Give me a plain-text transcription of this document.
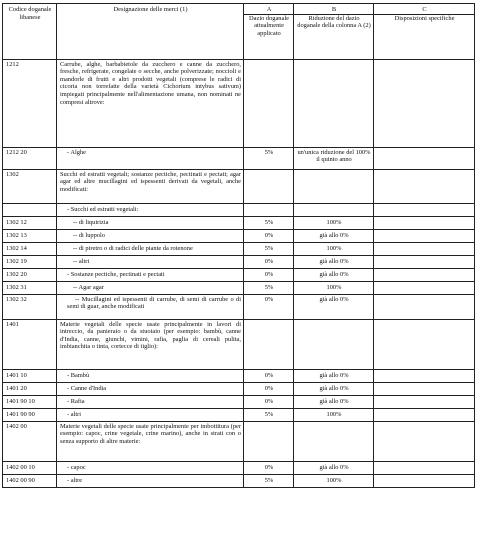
Codice doganale libanese	Designazione delle merci (1)	A	B	C
		Dazio doganale attualmente applicato	Riduzione del dazio doganale della colonna A (2)	Disposizioni specifiche
1212	Carrube, alghe, barbabietole da zucchero e canne da zucchero, fresche, refrigerate, congelate o secche, anche polverizzate; noccioli e mandorle di frutti e altri prodotti vegetali (comprese le radici di cicoria non torrefatte della varietà Cichorium intybus sativum) impiegati principalmente nell'alimentazione umana, non nominati ne compresi altrove:			
1212 20	- Alghe	5%	un'unica riduzione del 100% il quinto anno	
1302	Succhi ed estratti vegetali; sostanze pectiche, pectinati e pectati; agar agar ed altre mucillagini ed ispessenti derivati da vegetali, anche modificati:			
	- Succhi ed estratti vegetali:			
1302 12	-- di liquirizia	5%	100%	
1302 13	-- di luppolo	0%	già allo 0%	
1302 14	-- di piretro o di radici delle piante da rotenone	5%	100%	
1302 19	-- altri	0%	già allo 0%	
1302 20	- Sostanze pectiche, pectinati e pectati	0%	già allo 0%	
1302 31	-- Agar agar	5%	100%	
1302 32	-- Mucillagini ed ispessenti di carrube, di semi di carrube o di semi di guar, anche modificati	0%	già allo 0%	
1401	Materie vegetali delle specie usate principalmente in lavori di intreccio, da panieraio o da stuoiaio (per esempio: bambù, canne d'India, canne, giunchi, vimini, rafia, paglia di cereali pulita, imbianchita o tinta, cortecce di tiglio):			
1401 10	- Bambù	0%	già allo 0%	
1401 20	- Canne d'India	0%	già allo 0%	
1401 90 10	- Rafia	0%	già allo 0%	
1401 90 90	- altri	5%	100%	
1402 00	Materie vegetali delle specie usate principalmente per imbottitura (per esempio: capoc, crine vegetale, crine marino), anche in strati con o senza supporto di altre materie:			
1402 00 10	- capoc	0%	già allo 0%	
1402 00 90	- altre	5%	100%	
